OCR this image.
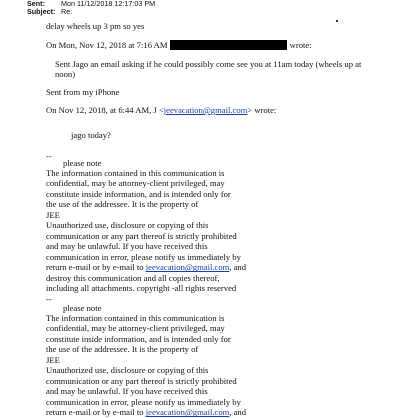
Sent: Mon 11/12/2018 12:17:03 PM
Subject: Re:
delay wheels up 3 pm so yes
On Mon, Nov 12, 2018 at 7:16 AM	wrote:
Sent Jago an email asking if he could possibly come see you at 11am today (wheels up at
noon)
Sent from my iPhone
On Nov 12, 2018, at 6:44 AM, J <jeevacation@gmail.com> wrote:
jago today?
--
please note
The information contained in this communication is
confidential, may be attorney-client privileged, may
constitute inside information, and is intended only for
the use of the addressee. It is the property of
JEE
Unauthorized use, disclosure or copying of this
communication or any part thereof is strictly prohibited
and may be unlawful. If you have received this
communication in error, please notify us immediately by
return e-mail or by e-mail to jeevacation@gmail.com, and
destroy this communication and all copies thereof,
including all attachments. copyright -all rights reserved
--
please note
The information contained in this communication is
confidential, may be attorney-client privileged, may
constitute inside information, and is intended only for
the use of the addressee. It is the property of
JEE
Unauthorized use, disclosure or copying of this
communication or any part thereof is strictly prohibited
and may be unlawful. If you have received this
communication in error, please notify us immediately by
return e-mail or by e-mail to jeevacation@gmail.com, and
